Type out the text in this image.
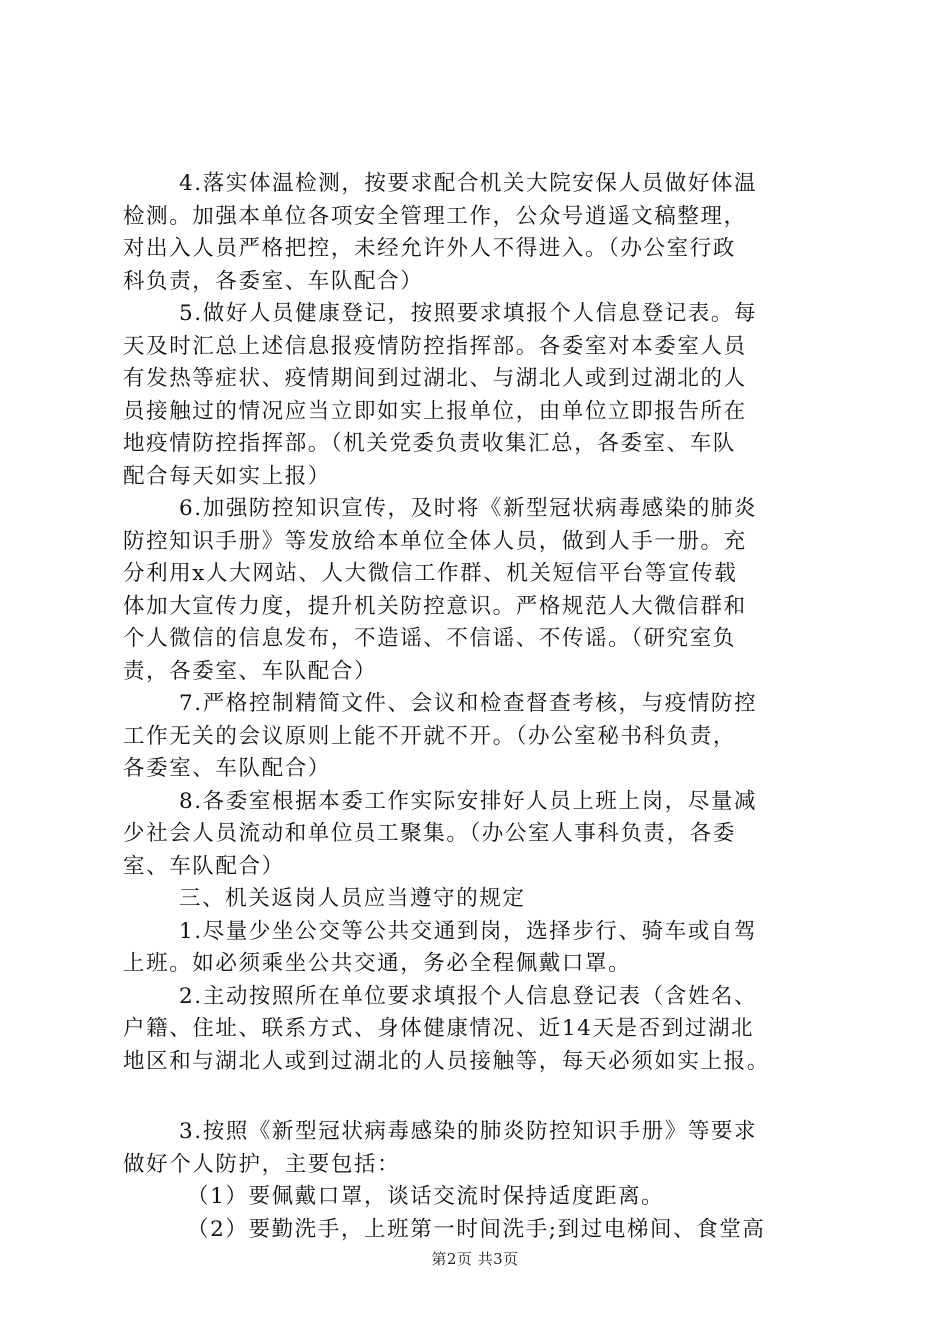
4.落实体温检测，按要求配合机关大院安保人员做好体温
检测。加强本单位各项安全管理工作，公众号逍遥文稿整理，
对出入人员严格把控，未经允许外人不得进入。（办公室行政
科负责，各委室、车队配合）
5.做好人员健康登记，按照要求填报个人信息登记表。每
天及时汇总上述信息报疫情防控指挥部。各委室对本委室人员
有发热等症状、疫情期间到过湖北、与湖北人或到过湖北的人
员接触过的情况应当立即如实上报单位，由单位立即报告所在
地疫情防控指挥部。（机关党委负责收集汇总，各委室、车队
配合每天如实上报）
6.加强防控知识宣传，及时将《新型冠状病毒感染的肺炎
防控知识手册》等发放给本单位全体人员，做到人手一册。充
分利用x人大网站、人大微信工作群、机关短信平台等宣传载
体加大宣传力度，提升机关防控意识。严格规范人大微信群和
个人微信的信息发布，不造谣、不信谣、不传谣。（研究室负
责，各委室、车队配合）
7.严格控制精简文件、会议和检查督查考核，与疫情防控
工作无关的会议原则上能不开就不开。（办公室秘书科负责，
各委室、车队配合）
8.各委室根据本委工作实际安排好人员上班上岗，尽量减
少社会人员流动和单位员工聚集。（办公室人事科负责，各委
室、车队配合）
三、机关返岗人员应当遵守的规定
1.尽量少坐公交等公共交通到岗，选择步行、骑车或自驾
上班。如必须乘坐公共交通，务必全程佩戴口罩。
2.主动按照所在单位要求填报个人信息登记表（含姓名、
户籍、住址、联系方式、身体健康情况、近14天是否到过湖北
地区和与湖北人或到过湖北的人员接触等，每天必须如实上报。
3.按照《新型冠状病毒感染的肺炎防控知识手册》等要求
做好个人防护，主要包括：
（1）要佩戴口罩，谈话交流时保持适度距离。
（2）要勤洗手，上班第一时间洗手;到过电梯间、食堂高
第2页 共3页
